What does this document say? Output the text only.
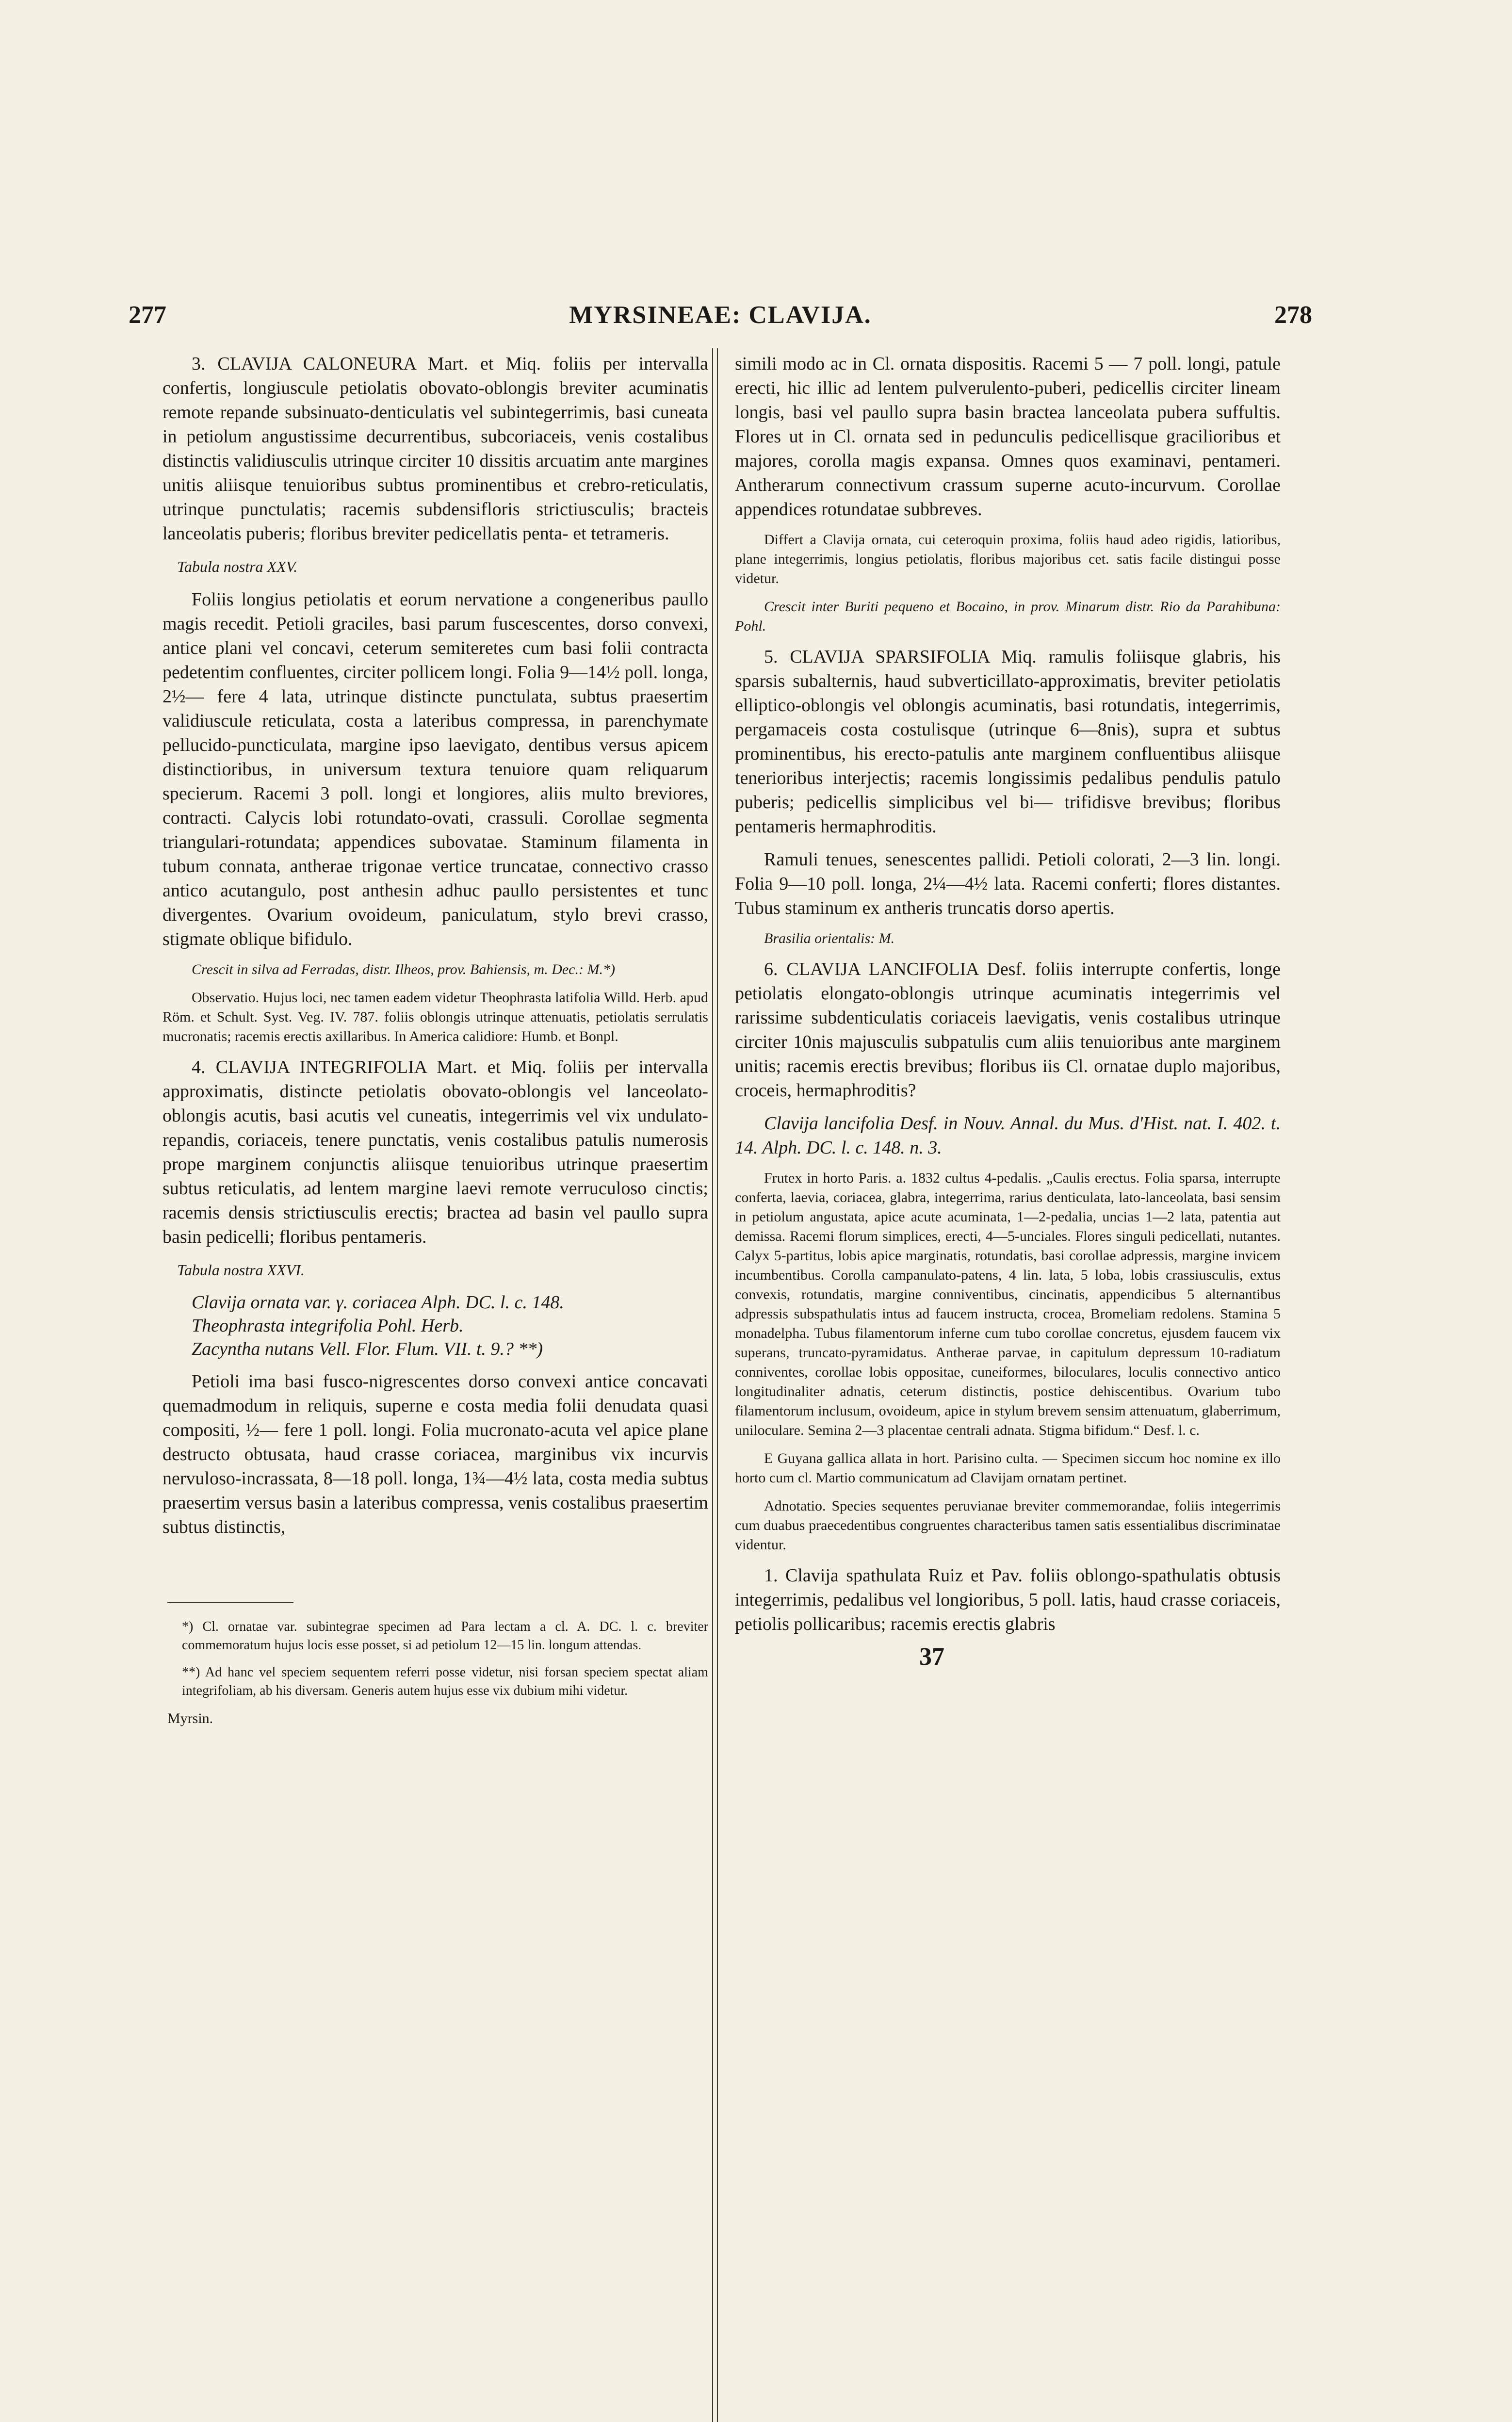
277	MYRSINEAE: CLAVIJA.	278

3. CLAVIJA CALONEURA Mart. et Miq. foliis per intervalla confertis, longiuscule petiolatis obovato-oblongis breviter acuminatis remote repande subsinuato-denticulatis vel subintegerrimis, basi cuneata in petiolum angustissime decurrentibus, subcoriaceis, venis costalibus distinctis validiusculis utrinque circiter 10 dissitis arcuatim ante margines unitis aliisque tenuioribus subtus prominentibus et crebro-reticulatis, utrinque punctulatis; racemis subdensifloris strictiusculis; bracteis lanceolatis puberis; floribus breviter pedicellatis penta- et tetrameris.

Tabula nostra XXV.

Foliis longius petiolatis et eorum nervatione a congeneribus paullo magis recedit. Petioli graciles, basi parum fuscescentes, dorso convexi, antice plani vel concavi, ceterum semiteretes cum basi folii contracta pedetentim confluentes, circiter pollicem longi. Folia 9—14½ poll. longa, 2½— fere 4 lata, utrinque distincte punctulata, subtus praesertim validiuscule reticulata, costa a lateribus compressa, in parenchymate pellucido-puncticulata, margine ipso laevigato, dentibus versus apicem distinctioribus, in universum textura tenuiore quam reliquarum specierum. Racemi 3 poll. longi et longiores, aliis multo breviores, contracti. Calycis lobi rotundato-ovati, crassuli. Corollae segmenta triangulari-rotundata; appendices subovatae. Staminum filamenta in tubum connata, antherae trigonae vertice truncatae, connectivo crasso antico acutangulo, post anthesin adhuc paullo persistentes et tunc divergentes. Ovarium ovoideum, paniculatum, stylo brevi crasso, stigmate oblique bifidulo.

Crescit in silva ad Ferradas, distr. Ilheos, prov. Bahiensis, m. Dec.: M.*)

Observatio. Hujus loci, nec tamen eadem videtur Theophrasta latifolia Willd. Herb. apud Röm. et Schult. Syst. Veg. IV. 787. foliis oblongis utrinque attenuatis, petiolatis serrulatis mucronatis; racemis erectis axillaribus. In America calidiore: Humb. et Bonpl.

4. CLAVIJA INTEGRIFOLIA Mart. et Miq. foliis per intervalla approximatis, distincte petiolatis obovato-oblongis vel lanceolato-oblongis acutis, basi acutis vel cuneatis, integerrimis vel vix undulato-repandis, coriaceis, tenere punctatis, venis costalibus patulis numerosis prope marginem conjunctis aliisque tenuioribus utrinque praesertim subtus reticulatis, ad lentem margine laevi remote verruculoso cinctis; racemis densis strictiusculis erectis; bractea ad basin vel paullo supra basin pedicelli; floribus pentameris.

Tabula nostra XXVI.

Clavija ornata var. γ. coriacea Alph. DC. l. c. 148.
Theophrasta integrifolia Pohl. Herb.
Zacyntha nutans Vell. Flor. Flum. VII. t. 9.? **)

Petioli ima basi fusco-nigrescentes dorso convexi antice concavati quemadmodum in reliquis, superne e costa media folii denudata quasi compositi, ½— fere 1 poll. longi. Folia mucronato-acuta vel apice plane destructo obtusata, haud crasse coriacea, marginibus vix incurvis nervuloso-incrassata, 8—18 poll. longa, 1¾—4½ lata, costa media subtus praesertim versus basin a lateribus compressa, venis costalibus praesertim subtus distinctis,

*) Cl. ornatae var. subintegrae specimen ad Para lectam a cl. A. DC. l. c. breviter commemoratum hujus locis esse posset, si ad petiolum 12—15 lin. longum attendas.

**) Ad hanc vel speciem sequentem referri posse videtur, nisi forsan speciem spectat aliam integrifoliam, ab his diversam. Generis autem hujus esse vix dubium mihi videtur.

Myrsin.

simili modo ac in Cl. ornata dispositis. Racemi 5 — 7 poll. longi, patule erecti, hic illic ad lentem pulverulento-puberi, pedicellis circiter lineam longis, basi vel paullo supra basin bractea lanceolata pubera suffultis. Flores ut in Cl. ornata sed in pedunculis pedicellisque gracilioribus et majores, corolla magis expansa. Omnes quos examinavi, pentameri. Antherarum connectivum crassum superne acuto-incurvum. Corollae appendices rotundatae subbreves.

Differt a Clavija ornata, cui ceteroquin proxima, foliis haud adeo rigidis, latioribus, plane integerrimis, longius petiolatis, floribus majoribus cet. satis facile distingui posse videtur.

Crescit inter Buriti pequeno et Bocaino, in prov. Minarum distr. Rio da Parahibuna: Pohl.

5. CLAVIJA SPARSIFOLIA Miq. ramulis foliisque glabris, his sparsis subalternis, haud subverticillato-approximatis, breviter petiolatis elliptico-oblongis vel oblongis acuminatis, basi rotundatis, integerrimis, pergamaceis costa costulisque (utrinque 6—8nis), supra et subtus prominentibus, his erecto-patulis ante marginem confluentibus aliisque tenerioribus interjectis; racemis longissimis pedalibus pendulis patulo puberis; pedicellis simplicibus vel bi— trifidisve brevibus; floribus pentameris hermaphroditis.

Ramuli tenues, senescentes pallidi. Petioli colorati, 2—3 lin. longi. Folia 9—10 poll. longa, 2¼—4½ lata. Racemi conferti; flores distantes. Tubus staminum ex antheris truncatis dorso apertis.

Brasilia orientalis: M.

6. CLAVIJA LANCIFOLIA Desf. foliis interrupte confertis, longe petiolatis elongato-oblongis utrinque acuminatis integerrimis vel rarissime subdenticulatis coriaceis laevigatis, venis costalibus utrinque circiter 10nis majusculis subpatulis cum aliis tenuioribus ante marginem unitis; racemis erectis brevibus; floribus iis Cl. ornatae duplo majoribus, croceis, hermaphroditis?

Clavija lancifolia Desf. in Nouv. Annal. du Mus. d'Hist. nat. I. 402. t. 14. Alph. DC. l. c. 148. n. 3.

Frutex in horto Paris. a. 1832 cultus 4-pedalis. „Caulis erectus. Folia sparsa, interrupte conferta, laevia, coriacea, glabra, integerrima, rarius denticulata, lato-lanceolata, basi sensim in petiolum angustata, apice acute acuminata, 1—2-pedalia, uncias 1—2 lata, patentia aut demissa. Racemi florum simplices, erecti, 4—5-unciales. Flores singuli pedicellati, nutantes. Calyx 5-partitus, lobis apice marginatis, rotundatis, basi corollae adpressis, margine invicem incumbentibus. Corolla campanulato-patens, 4 lin. lata, 5 loba, lobis crassiusculis, extus convexis, rotundatis, margine conniventibus, cincinatis, appendicibus 5 alternantibus adpressis subspathulatis intus ad faucem instructa, crocea, Bromeliam redolens. Stamina 5 monadelpha. Tubus filamentorum inferne cum tubo corollae concretus, ejusdem faucem vix superans, truncato-pyramidatus. Antherae parvae, in capitulum depressum 10-radiatum conniventes, corollae lobis oppositae, cuneiformes, biloculares, loculis connectivo antico longitudinaliter adnatis, ceterum distinctis, postice dehiscentibus. Ovarium tubo filamentorum inclusum, ovoideum, apice in stylum brevem sensim attenuatum, glaberrimum, uniloculare. Semina 2—3 placentae centrali adnata. Stigma bifidum.“ Desf. l. c.

E Guyana gallica allata in hort. Parisino culta. — Specimen siccum hoc nomine ex illo horto cum cl. Martio communicatum ad Clavijam ornatam pertinet.

Adnotatio. Species sequentes peruvianae breviter commemorandae, foliis integerrimis cum duabus praecedentibus congruentes characteribus tamen satis essentialibus discriminatae videntur.

1. Clavija spathulata Ruiz et Pav. foliis oblongo-spathulatis obtusis integerrimis, pedalibus vel longioribus, 5 poll. latis, haud crasse coriaceis, petiolis pollicaribus; racemis erectis glabris

37
